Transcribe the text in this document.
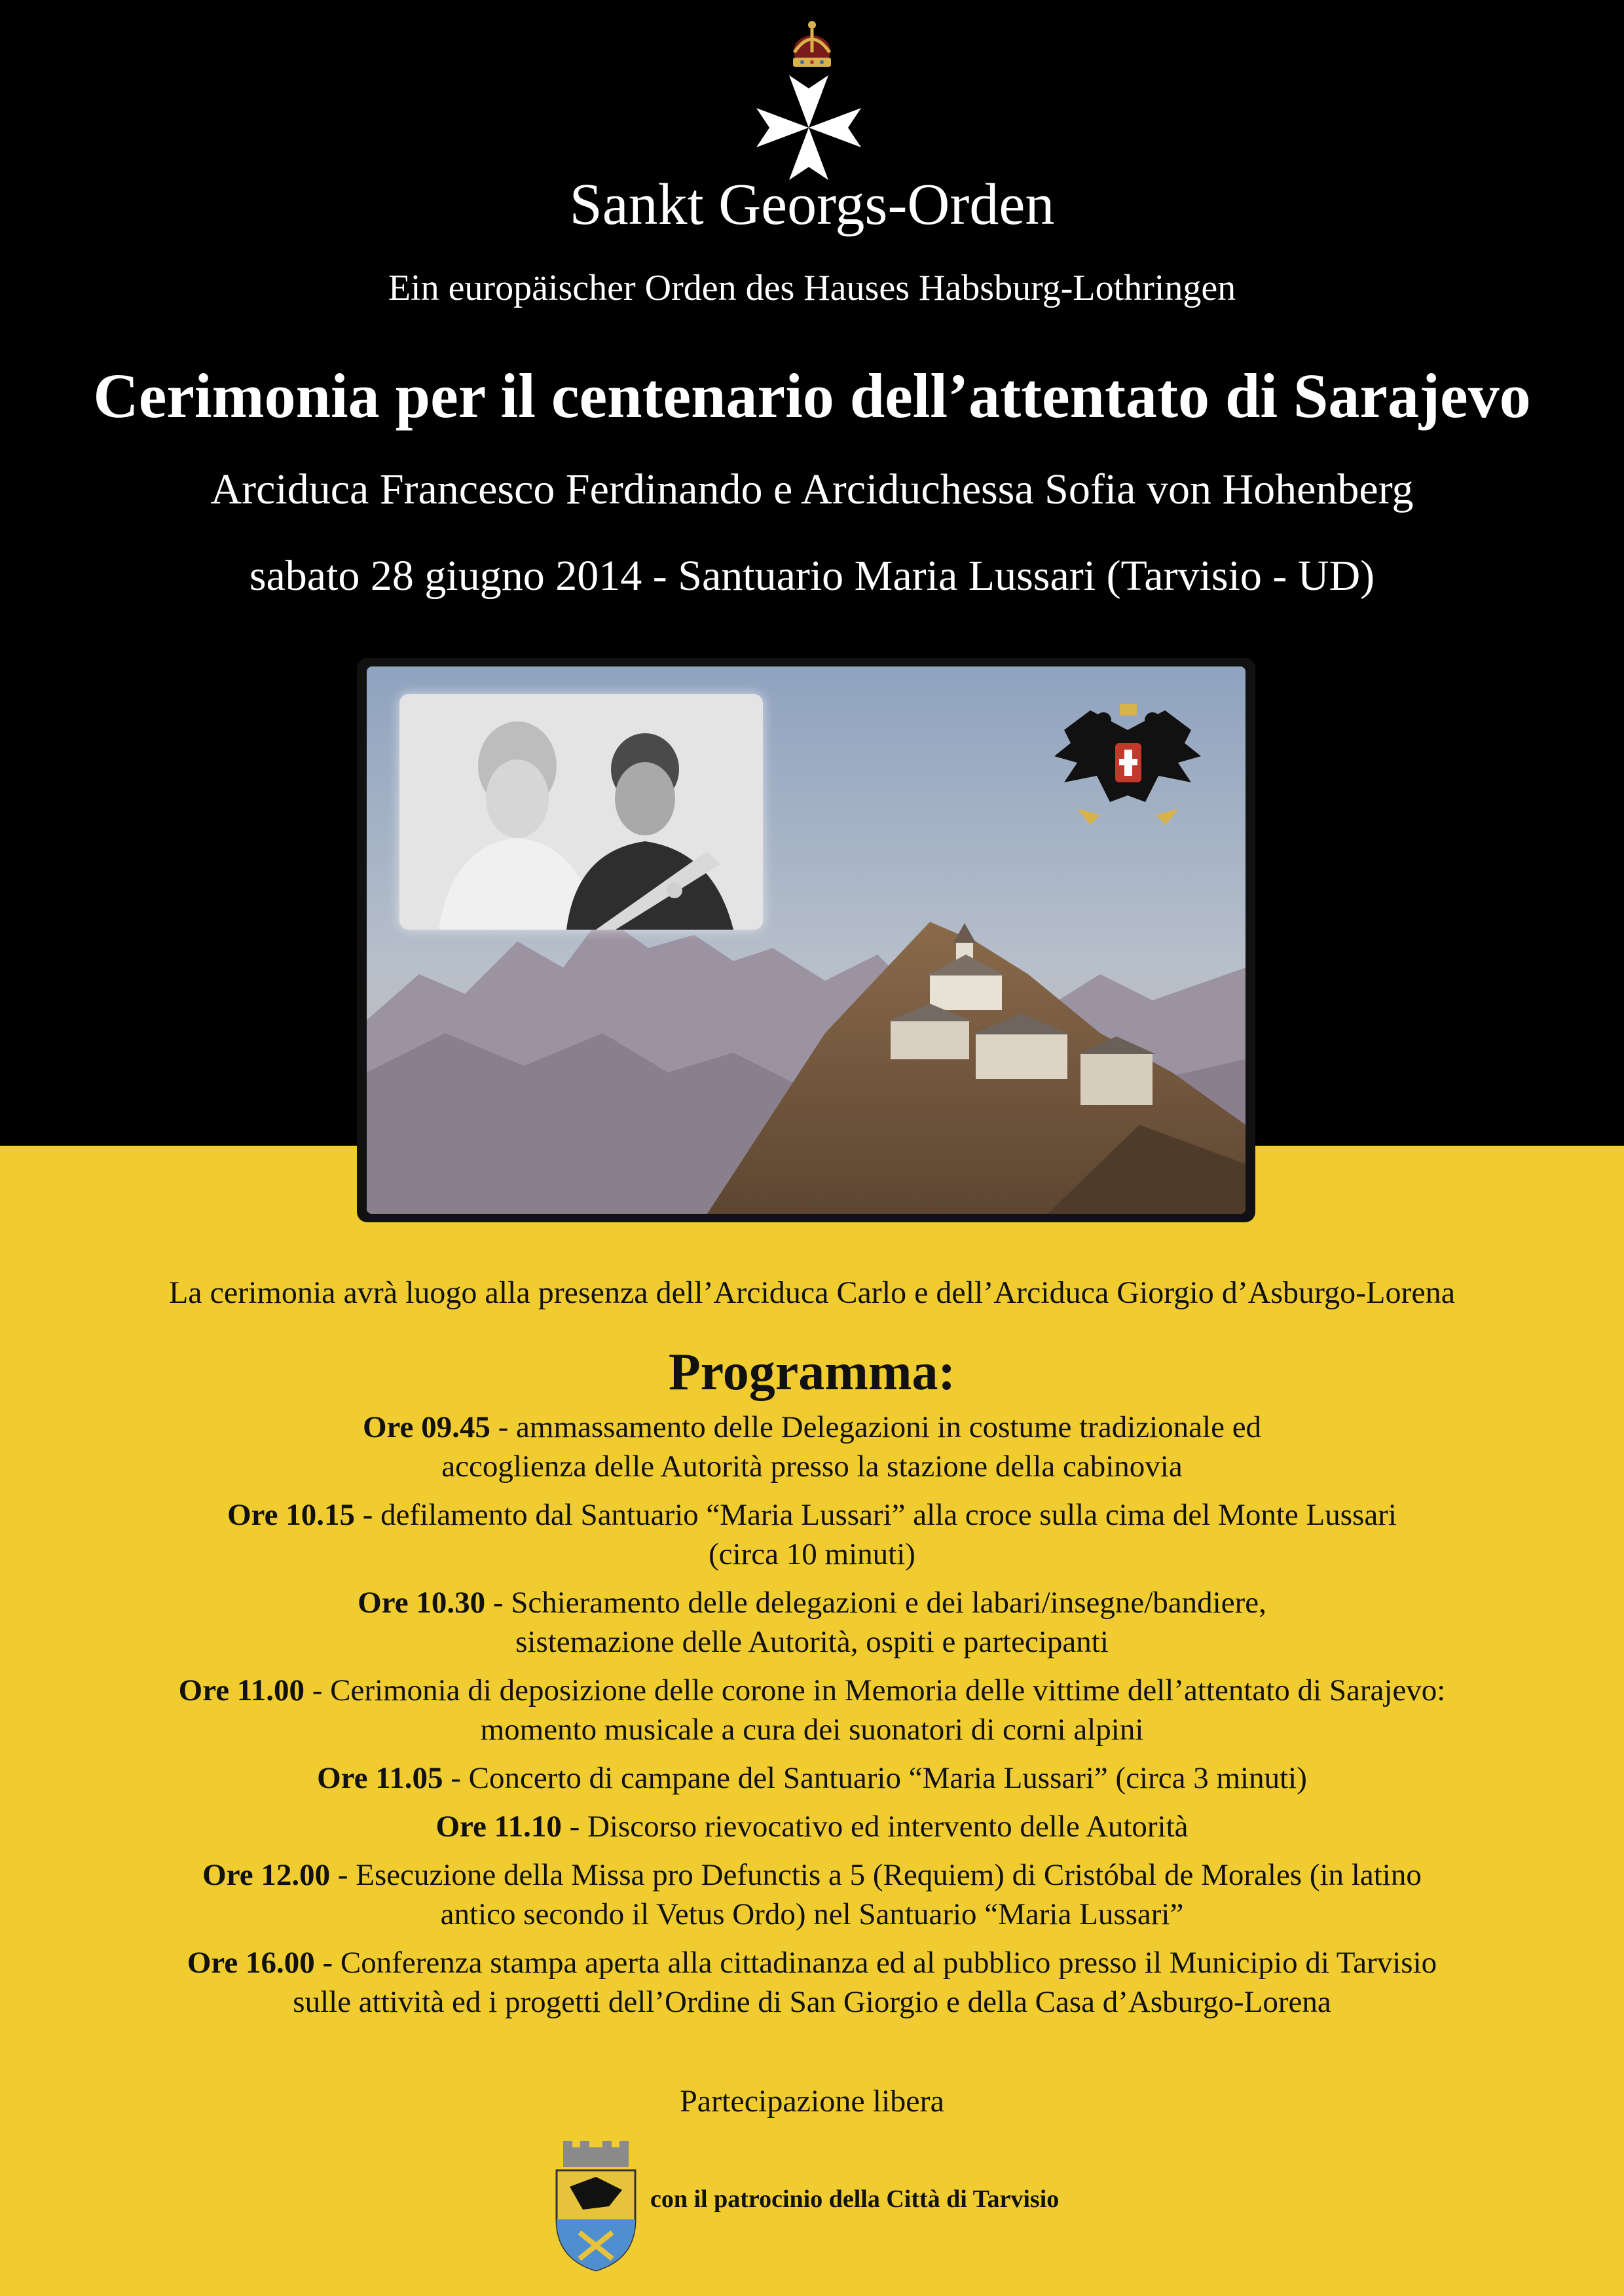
Sankt Georgs-Orden
Ein europäischer Orden des Hauses Habsburg-Lothringen
Cerimonia per il centenario dell’attentato di Sarajevo
Arciduca Francesco Ferdinando e Arciduchessa Sofia von Hohenberg
sabato 28 giugno 2014 - Santuario Maria Lussari (Tarvisio - UD)
La cerimonia avrà luogo alla presenza dell’Arciduca Carlo e dell’Arciduca Giorgio d’Asburgo-Lorena
Programma:
Ore 09.45 - ammassamento delle Delegazioni in costume tradizionale ed
accoglienza delle Autorità presso la stazione della cabinovia
Ore 10.15 - defilamento dal Santuario “Maria Lussari” alla croce sulla cima del Monte Lussari
(circa 10 minuti)
Ore 10.30 - Schieramento delle delegazioni e dei labari/insegne/bandiere,
sistemazione delle Autorità, ospiti e partecipanti
Ore 11.00 - Cerimonia di deposizione delle corone in Memoria delle vittime dell’attentato di Sarajevo:
momento musicale a cura dei suonatori di corni alpini
Ore 11.05 - Concerto di campane del Santuario “Maria Lussari” (circa 3 minuti)
Ore 11.10 - Discorso rievocativo ed intervento delle Autorità
Ore 12.00 - Esecuzione della Missa pro Defunctis a 5 (Requiem) di Cristóbal de Morales (in latino
antico secondo il Vetus Ordo) nel Santuario “Maria Lussari”
Ore 16.00 - Conferenza stampa aperta alla cittadinanza ed al pubblico presso il Municipio di Tarvisio
sulle attività ed i progetti dell’Ordine di San Giorgio e della Casa d’Asburgo-Lorena
Partecipazione libera
con il patrocinio della Città di Tarvisio
